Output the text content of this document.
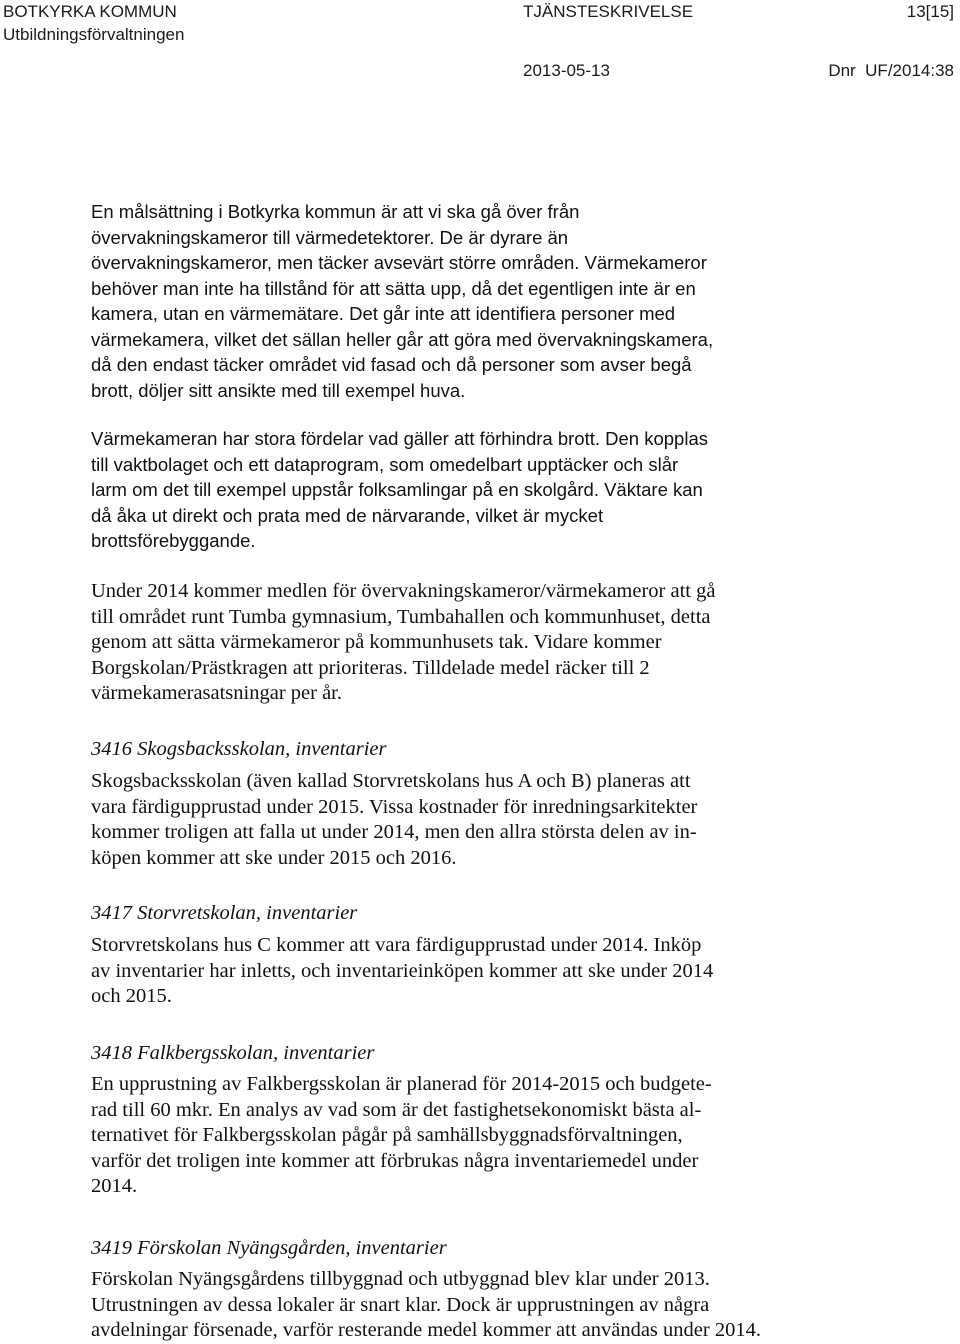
BOTKYRKA KOMMUN
Utbildningsförvaltningen
TJÄNSTESKRIVELSE	13[15]
2013-05-13	Dnr  UF/2014:38
En målsättning i Botkyrka kommun är att vi ska gå över från
övervakningskameror till värmedetektorer. De är dyrare än
övervakningskameror, men täcker avsevärt större områden. Värmekameror
behöver man inte ha tillstånd för att sätta upp, då det egentligen inte är en
kamera, utan en värmemätare. Det går inte att identifiera personer med
värmekamera, vilket det sällan heller går att göra med övervakningskamera,
då den endast täcker området vid fasad och då personer som avser begå
brott, döljer sitt ansikte med till exempel huva.
Värmekameran har stora fördelar vad gäller att förhindra brott. Den kopplas
till vaktbolaget och ett dataprogram, som omedelbart upptäcker och slår
larm om det till exempel uppstår folksamlingar på en skolgård. Väktare kan
då åka ut direkt och prata med de närvarande, vilket är mycket
brottsförebyggande.
Under 2014 kommer medlen för övervakningskameror/värmekameror att gå
till området runt Tumba gymnasium, Tumbahallen och kommunhuset, detta
genom att sätta värmekameror på kommunhusets tak. Vidare kommer
Borgskolan/Prästkragen att prioriteras. Tilldelade medel räcker till 2
värmekamerasatsningar per år.
3416 Skogsbacksskolan, inventarier
Skogsbacksskolan (även kallad Storvretskolans hus A och B) planeras att
vara färdigupprustad under 2015. Vissa kostnader för inredningsarkitekter
kommer troligen att falla ut under 2014, men den allra största delen av in-
köpen kommer att ske under 2015 och 2016.
3417 Storvretskolan, inventarier
Storvretskolans hus C kommer att vara färdigupprustad under 2014. Inköp
av inventarier har inletts, och inventarieinköpen kommer att ske under 2014
och 2015.
3418 Falkbergsskolan, inventarier
En upprustning av Falkbergsskolan är planerad för 2014-2015 och budgete-
rad till 60 mkr. En analys av vad som är det fastighetsekonomiskt bästa al-
ternativet för Falkbergsskolan pågår på samhällsbyggnadsförvaltningen,
varför det troligen inte kommer att förbrukas några inventariemedel under
2014.
3419 Förskolan Nyängsgården, inventarier
Förskolan Nyängsgårdens tillbyggnad och utbyggnad blev klar under 2013.
Utrustningen av dessa lokaler är snart klar. Dock är upprustningen av några
avdelningar försenade, varför resterande medel kommer att användas under 2014.
